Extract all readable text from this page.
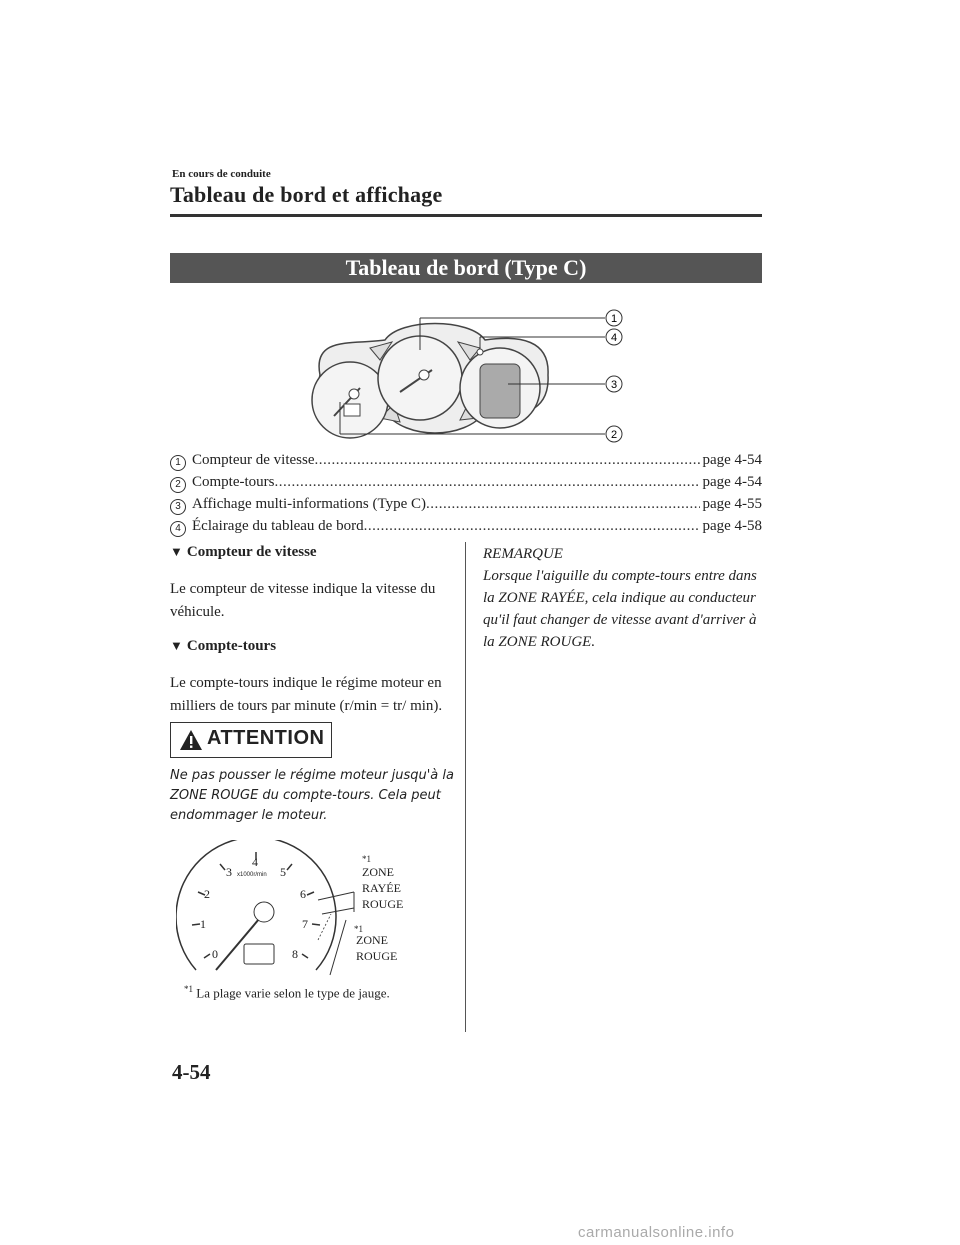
En cours de conduite
Tableau de bord et affichage
Tableau de bord (Type C)
1
4
3
2
1 Compteur de vitesse .....	page 4-54
2 Compte-tours .....	page 4-54
3 Affichage multi-informations (Type C) .....	page 4-55
4 Éclairage du tableau de bord .....	page 4-58

▼ Compteur de vitesse

Le compteur de vitesse indique la vitesse du véhicule.

▼ Compte-tours

Le compte-tours indique le régime moteur en milliers de tours par minute (r/min = tr/ min).

ATTENTION
Ne pas pousser le régime moteur jusqu'à la ZONE ROUGE du compte-tours. Cela peut endommager le moteur.
0
1
2
3
4
5
6
7
8
x1000r/min
*1
ZONE
RAYÉE
ROUGE
*1
ZONE
ROUGE
$^{*1}$ La plage varie selon le type de jauge.
REMARQUE
Lorsque l'aiguille du compte-tours entre dans la ZONE RAYÉE, cela indique au conducteur qu'il faut changer de vitesse avant d'arriver à la ZONE ROUGE.
4-54
carmanualsonline.info
